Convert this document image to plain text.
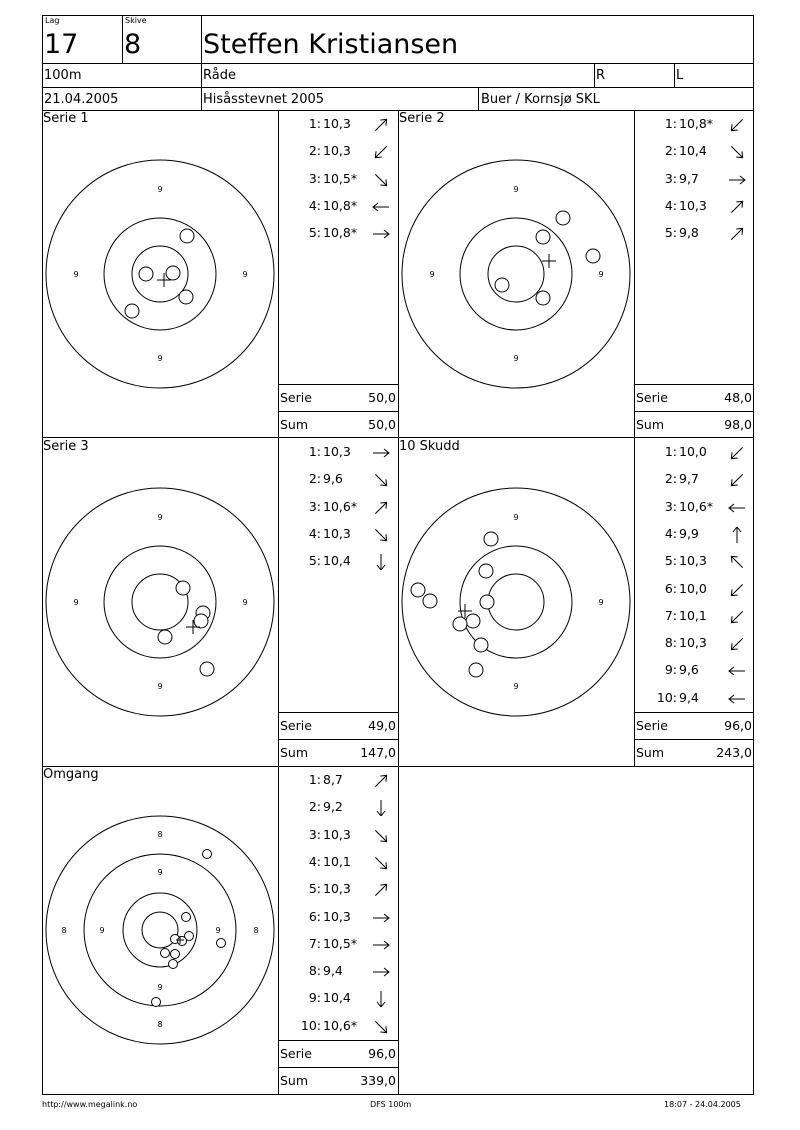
Lag
17
Skive
8 Steffen Kristiansen
100m	Råde	R	L
21.04.2005	Hisåsstevnet 2005	Buer / Kornsjø SKL
Serie 1	Serie 2
Serie 3	10 Skudd
Omgang
9
9
9	9
9
9
9	9
9
9
9	9
9
9
9
9
9
9	9
8
8
8	8
1: 10,3
2: 10,3
3: 10,5*
4: 10,8*
5: 10,8*
1: 10,8*
2: 10,4
3: 9,7
4: 10,3
5: 9,8
1: 10,3
2: 9,6
3: 10,6*
4: 10,3
5: 10,4
1: 10,0
2: 9,7
3: 10,6*
4: 9,9
5: 10,3
6: 10,0
7: 10,1
8: 10,3
9: 9,6
10: 9,4
1: 8,7
2: 9,2
3: 10,3
4: 10,1
5: 10,3
6: 10,3
7: 10,5*
8: 9,4
9: 10,4
10: 10,6*
Serie	50,0
Sum	50,0
Serie	48,0
Sum	98,0
Serie	49,0
Sum	147,0
Serie	96,0
Sum	243,0
Serie	96,0
Sum	339,0
http://www.megalink.no	DFS 100m	18:07 - 24.04.2005
